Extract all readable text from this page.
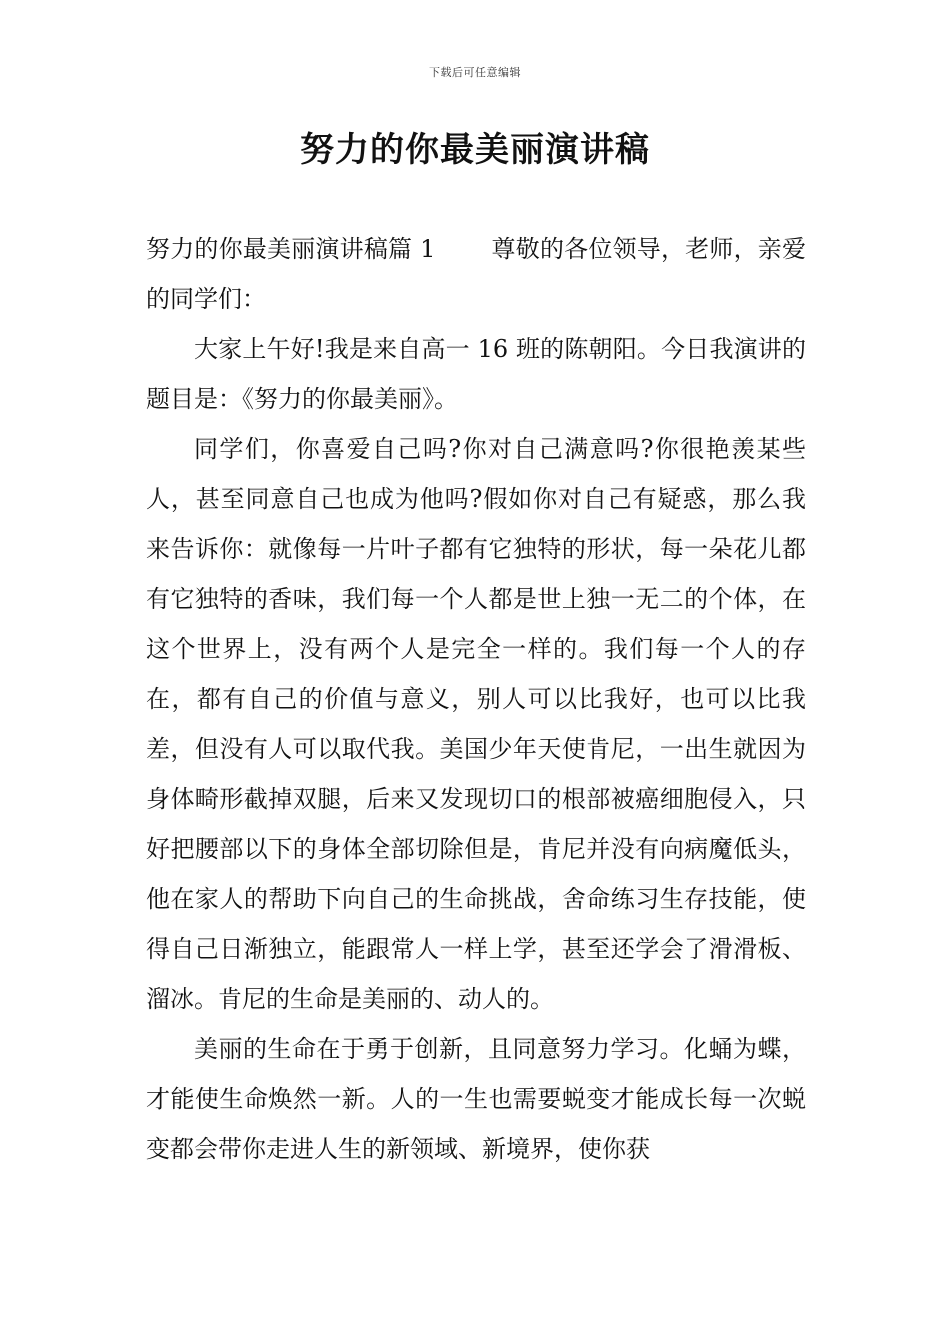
下载后可任意编辑
努力的你最美丽演讲稿

努力的你最美丽演讲稿篇 1 尊敬的各位领导，老师，亲爱的同学们：

大家上午好!我是来自高一 16 班的陈朝阳。今日我演讲的题目是：《努力的你最美丽》。

同学们，你喜爱自己吗?你对自己满意吗?你很艳羡某些人，甚至同意自己也成为他吗?假如你对自己有疑惑，那么我来告诉你：就像每一片叶子都有它独特的形状，每一朵花儿都有它独特的香味，我们每一个人都是世上独一无二的个体，在这个世界上，没有两个人是完全一样的。我们每一个人的存在，都有自己的价值与意义，别人可以比我好，也可以比我差，但没有人可以取代我。美国少年天使肯尼，一出生就因为身体畸形截掉双腿，后来又发现切口的根部被癌细胞侵入，只好把腰部以下的身体全部切除但是，肯尼并没有向病魔低头，他在家人的帮助下向自己的生命挑战，舍命练习生存技能，使得自己日渐独立，能跟常人一样上学，甚至还学会了滑滑板、溜冰。肯尼的生命是美丽的、动人的。

美丽的生命在于勇于创新，且同意努力学习。化蛹为蝶，才能使生命焕然一新。人的一生也需要蜕变才能成长每一次蜕变都会带你走进人生的新领域、新境界，使你获
